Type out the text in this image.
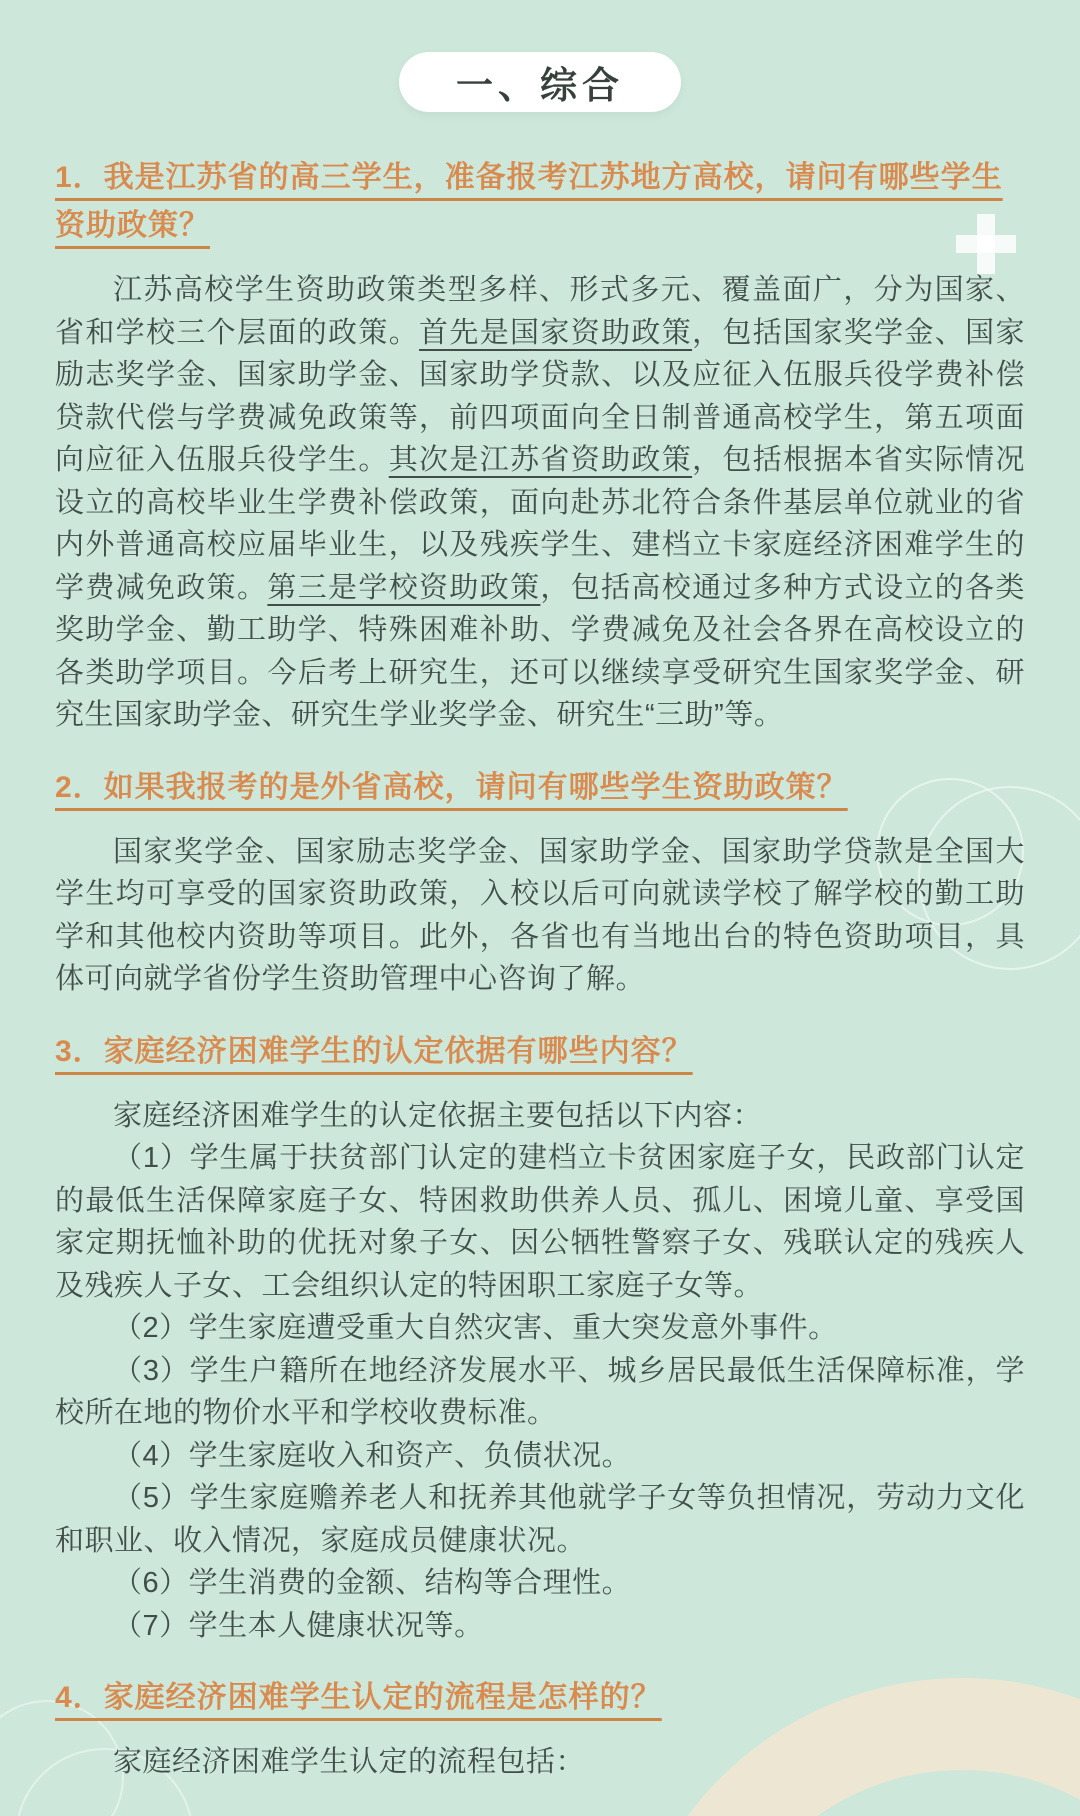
一、综合
1．我是江苏省的高三学生，准备报考江苏地方高校，请问有哪些学生资助政策？

江苏高校学生资助政策类型多样、形式多元、覆盖面广，分为国家、省和学校三个层面的政策。首先是国家资助政策，包括国家奖学金、国家励志奖学金、国家助学金、国家助学贷款、以及应征入伍服兵役学费补偿贷款代偿与学费减免政策等，前四项面向全日制普通高校学生，第五项面向应征入伍服兵役学生。其次是江苏省资助政策，包括根据本省实际情况设立的高校毕业生学费补偿政策，面向赴苏北符合条件基层单位就业的省内外普通高校应届毕业生，以及残疾学生、建档立卡家庭经济困难学生的学费减免政策。第三是学校资助政策，包括高校通过多种方式设立的各类奖助学金、勤工助学、特殊困难补助、学费减免及社会各界在高校设立的各类助学项目。今后考上研究生，还可以继续享受研究生国家奖学金、研究生国家助学金、研究生学业奖学金、研究生“三助”等。

2．如果我报考的是外省高校，请问有哪些学生资助政策？

国家奖学金、国家励志奖学金、国家助学金、国家助学贷款是全国大学生均可享受的国家资助政策，入校以后可向就读学校了解学校的勤工助学和其他校内资助等项目。此外，各省也有当地出台的特色资助项目，具体可向就学省份学生资助管理中心咨询了解。

3．家庭经济困难学生的认定依据有哪些内容？

家庭经济困难学生的认定依据主要包括以下内容：

（1）学生属于扶贫部门认定的建档立卡贫困家庭子女，民政部门认定的最低生活保障家庭子女、特困救助供养人员、孤儿、困境儿童、享受国家定期抚恤补助的优抚对象子女、因公牺牲警察子女、残联认定的残疾人及残疾人子女、工会组织认定的特困职工家庭子女等。

（2）学生家庭遭受重大自然灾害、重大突发意外事件。

（3）学生户籍所在地经济发展水平、城乡居民最低生活保障标准，学校所在地的物价水平和学校收费标准。

（4）学生家庭收入和资产、负债状况。

（5）学生家庭赡养老人和抚养其他就学子女等负担情况，劳动力文化和职业、收入情况，家庭成员健康状况。

（6）学生消费的金额、结构等合理性。

（7）学生本人健康状况等。

4．家庭经济困难学生认定的流程是怎样的？

家庭经济困难学生认定的流程包括：
